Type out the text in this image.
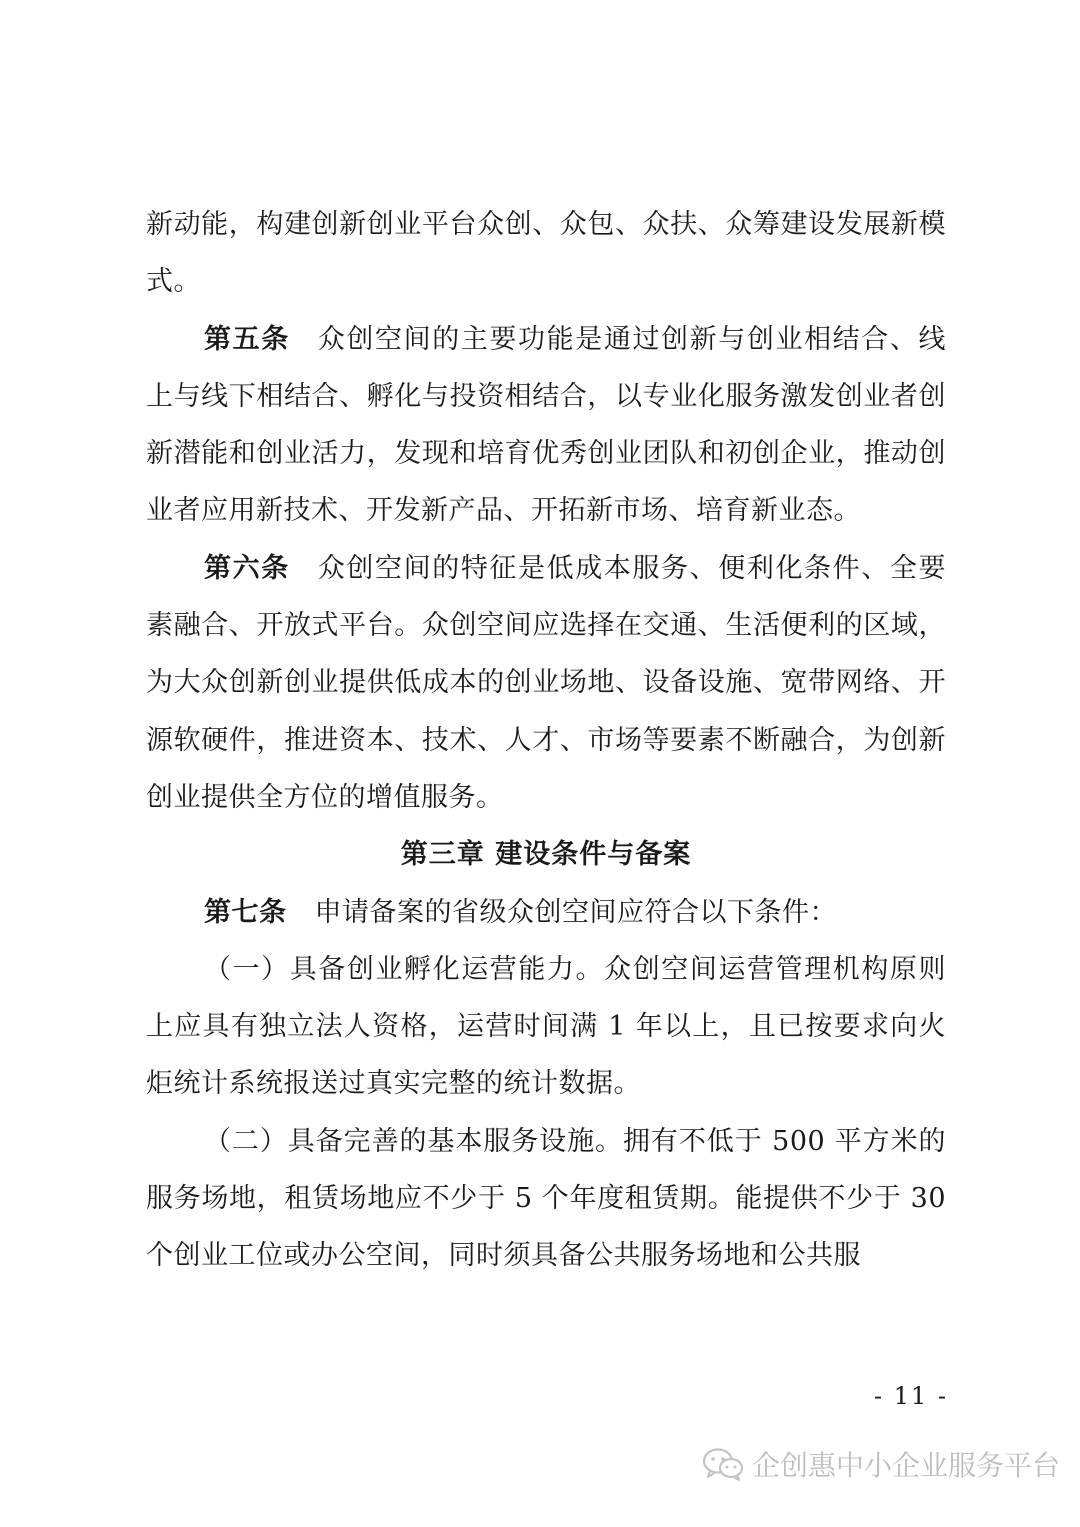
新动能，构建创新创业平台众创、众包、众扶、众筹建设发展新模式。

第五条 众创空间的主要功能是通过创新与创业相结合、线上与线下相结合、孵化与投资相结合，以专业化服务激发创业者创新潜能和创业活力，发现和培育优秀创业团队和初创企业，推动创业者应用新技术、开发新产品、开拓新市场、培育新业态。

第六条 众创空间的特征是低成本服务、便利化条件、全要素融合、开放式平台。众创空间应选择在交通、生活便利的区域，为大众创新创业提供低成本的创业场地、设备设施、宽带网络、开源软硬件，推进资本、技术、人才、市场等要素不断融合，为创新创业提供全方位的增值服务。

第三章 建设条件与备案

第七条 申请备案的省级众创空间应符合以下条件：

（一）具备创业孵化运营能力。众创空间运营管理机构原则上应具有独立法人资格，运营时间满 1 年以上，且已按要求向火炬统计系统报送过真实完整的统计数据。

（二）具备完善的基本服务设施。拥有不低于 500 平方米的服务场地，租赁场地应不少于 5 个年度租赁期。能提供不少于 30 个创业工位或办公空间，同时须具备公共服务场地和公共服

- 11 -
企创惠中小企业服务平台
